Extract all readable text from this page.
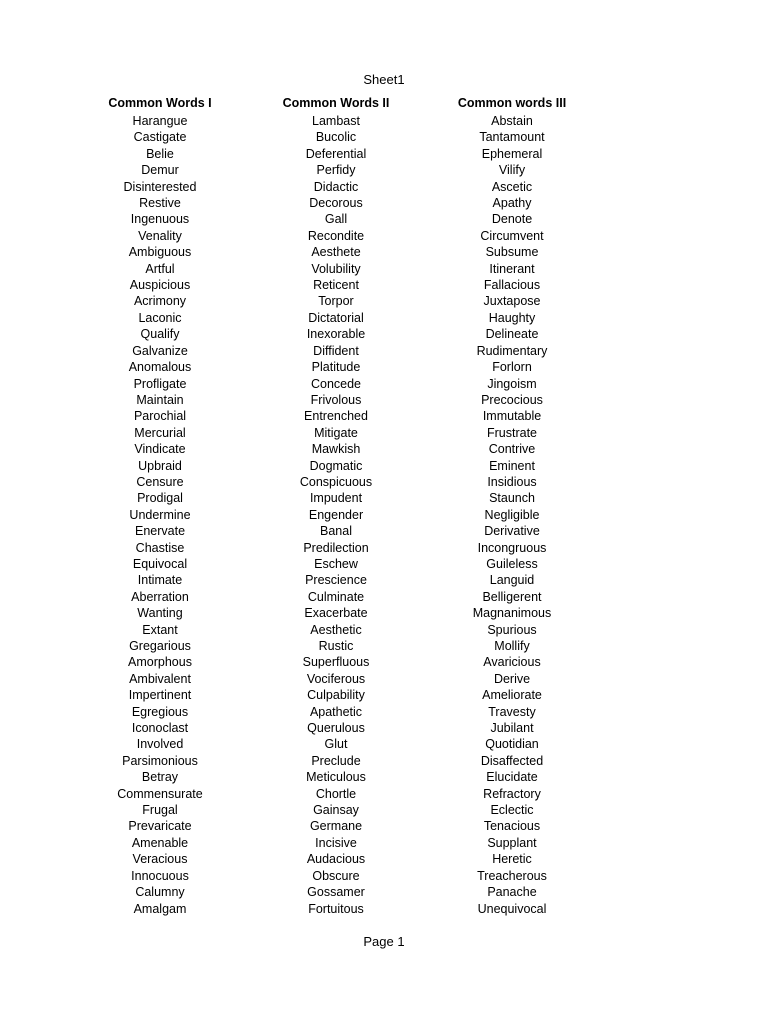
Sheet1
Common Words I	Common Words II	Common words III
Harangue	Lambast	Abstain
Castigate	Bucolic	Tantamount
Belie	Deferential	Ephemeral
Demur	Perfidy	Vilify
Disinterested	Didactic	Ascetic
Restive	Decorous	Apathy
Ingenuous	Gall	Denote
Venality	Recondite	Circumvent
Ambiguous	Aesthete	Subsume
Artful	Volubility	Itinerant
Auspicious	Reticent	Fallacious
Acrimony	Torpor	Juxtapose
Laconic	Dictatorial	Haughty
Qualify	Inexorable	Delineate
Galvanize	Diffident	Rudimentary
Anomalous	Platitude	Forlorn
Profligate	Concede	Jingoism
Maintain	Frivolous	Precocious
Parochial	Entrenched	Immutable
Mercurial	Mitigate	Frustrate
Vindicate	Mawkish	Contrive
Upbraid	Dogmatic	Eminent
Censure	Conspicuous	Insidious
Prodigal	Impudent	Staunch
Undermine	Engender	Negligible
Enervate	Banal	Derivative
Chastise	Predilection	Incongruous
Equivocal	Eschew	Guileless
Intimate	Prescience	Languid
Aberration	Culminate	Belligerent
Wanting	Exacerbate	Magnanimous
Extant	Aesthetic	Spurious
Gregarious	Rustic	Mollify
Amorphous	Superfluous	Avaricious
Ambivalent	Vociferous	Derive
Impertinent	Culpability	Ameliorate
Egregious	Apathetic	Travesty
Iconoclast	Querulous	Jubilant
Involved	Glut	Quotidian
Parsimonious	Preclude	Disaffected
Betray	Meticulous	Elucidate
Commensurate	Chortle	Refractory
Frugal	Gainsay	Eclectic
Prevaricate	Germane	Tenacious
Amenable	Incisive	Supplant
Veracious	Audacious	Heretic
Innocuous	Obscure	Treacherous
Calumny	Gossamer	Panache
Amalgam	Fortuitous	Unequivocal
Page 1
